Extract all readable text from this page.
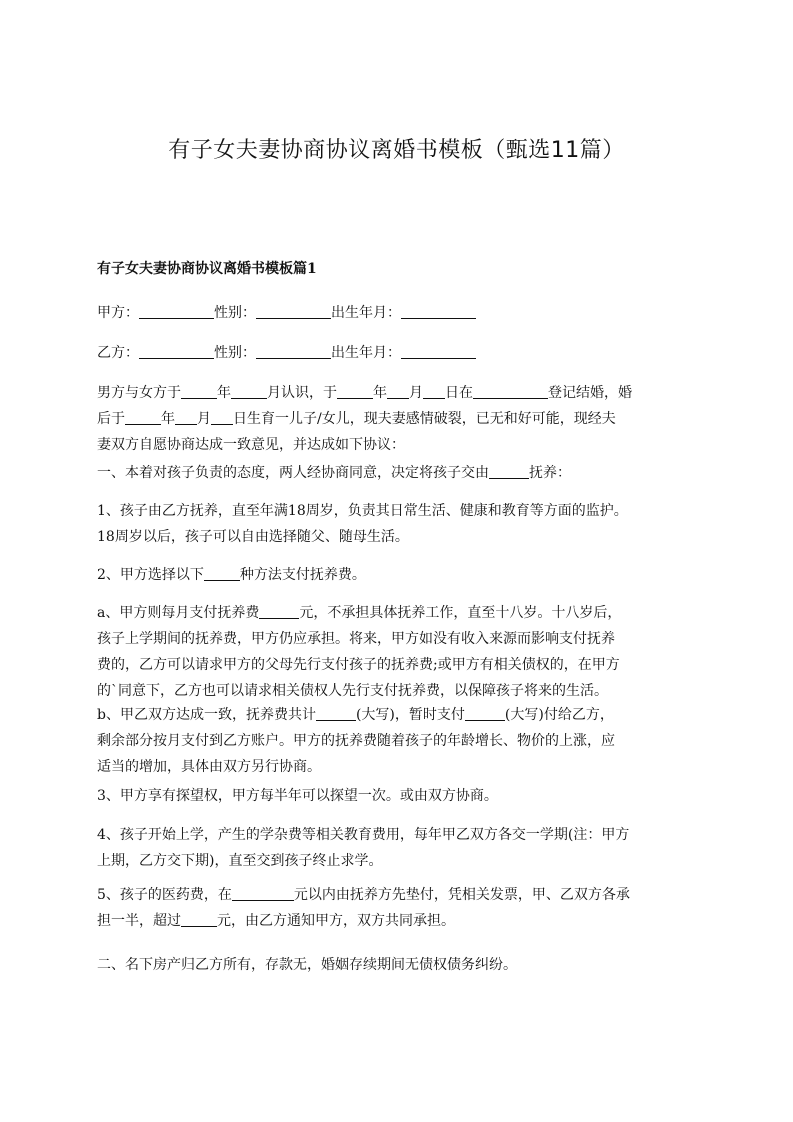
有子女夫妻协商协议离婚书模板（甄选11篇）
有子女夫妻协商协议离婚书模板篇1
甲方：	性别：	出生年月：
乙方：	性别：	出生年月：
男方与女方于	年	月认识，于	年 月 日在	登记结婚，婚
后于	年 月 日生育一儿子/女儿，现夫妻感情破裂，已无和好可能，现经夫
妻双方自愿协商达成一致意见，并达成如下协议：
一、本着对孩子负责的态度，两人经协商同意，决定将孩子交由	抚养：
1、孩子由乙方抚养，直至年满18周岁，负责其日常生活、健康和教育等方面的监护。
18周岁以后，孩子可以自由选择随父、随母生活。
2、甲方选择以下	种方法支付抚养费。
a、甲方则每月支付抚养费	元，不承担具体抚养工作，直至十八岁。十八岁后，
孩子上学期间的抚养费，甲方仍应承担。将来，甲方如没有收入来源而影响支付抚养
费的，乙方可以请求甲方的父母先行支付孩子的抚养费;或甲方有相关债权的，在甲方
的`同意下，乙方也可以请求相关债权人先行支付抚养费，以保障孩子将来的生活。
b、甲乙双方达成一致，抚养费共计	(大写)，暂时支付	(大写)付给乙方，
剩余部分按月支付到乙方账户。甲方的抚养费随着孩子的年龄增长、物价的上涨，应
适当的增加，具体由双方另行协商。
3、甲方享有探望权，甲方每半年可以探望一次。或由双方协商。
4、孩子开始上学，产生的学杂费等相关教育费用，每年甲乙双方各交一学期(注：甲方
上期，乙方交下期)，直至交到孩子终止求学。
5、孩子的医药费，在	元以内由抚养方先垫付，凭相关发票，甲、乙双方各承
担一半，超过	元，由乙方通知甲方，双方共同承担。
二、名下房产归乙方所有，存款无，婚姻存续期间无债权债务纠纷。
